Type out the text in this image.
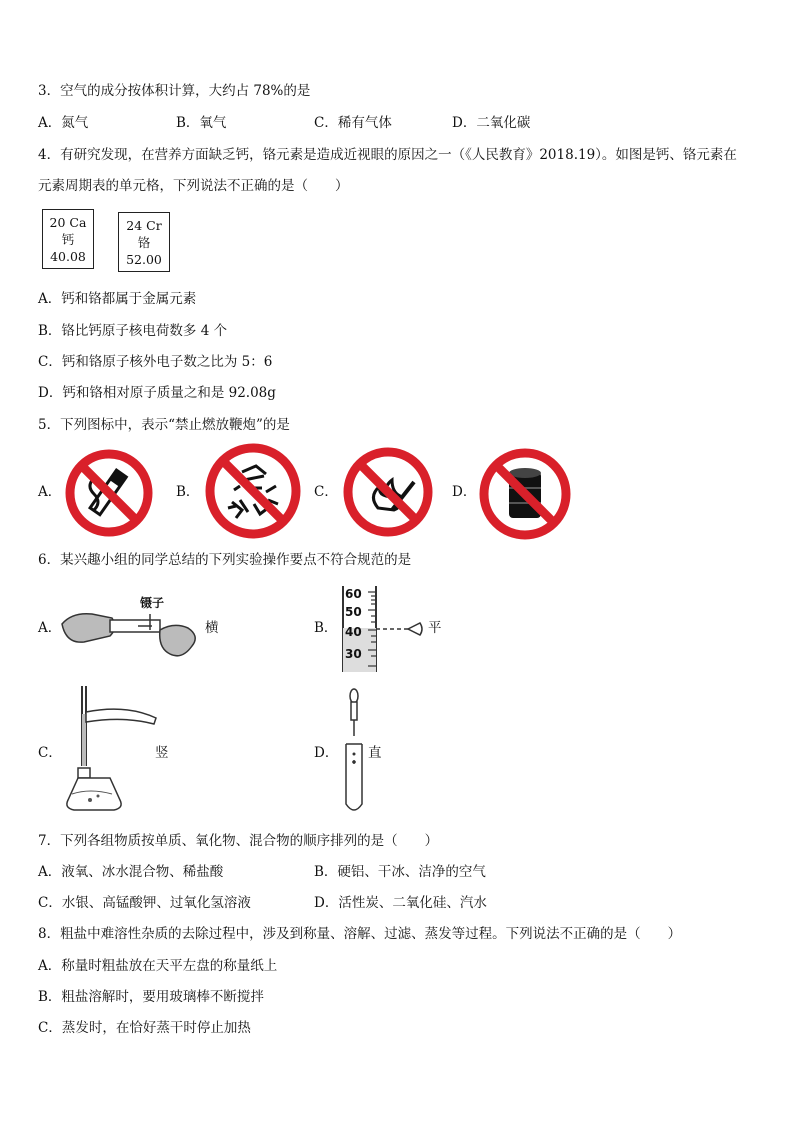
3．空气的成分按体积计算，大约占 78%的是
A．氮气	B．氧气	C．稀有气体	D．二氧化碳
4．有研究发现，在营养方面缺乏钙，铬元素是造成近视眼的原因之一（《人民教育》2018.19）。如图是钙、铬元素在
元素周期表的单元格，下列说法不正确的是（　　）
20 Ca
钙
40.08
24 Cr
铬
52.00
A．钙和铬都属于金属元素
B．铬比钙原子核电荷数多 4 个
C．钙和铬原子核外电子数之比为 5：6
D．钙和铬相对原子质量之和是 92.08g
5．下列图标中，表示“禁止燃放鞭炮”的是
A．	B．	C．	D．
6．某兴趣小组的同学总结的下列实验操作要点不符合规范的是
A．
镊子
横	B．
60
50
40
30
平
C．	竖	D． 直
7．下列各组物质按单质、氧化物、混合物的顺序排列的是（　　）
A．液氧、冰水混合物、稀盐酸	B．硬铝、干冰、洁净的空气
C．水银、高锰酸钾、过氧化氢溶液	D．活性炭、二氧化硅、汽水
8．粗盐中难溶性杂质的去除过程中，涉及到称量、溶解、过滤、蒸发等过程。下列说法不正确的是（　　）
A．称量时粗盐放在天平左盘的称量纸上
B．粗盐溶解时，要用玻璃棒不断搅拌
C．蒸发时，在恰好蒸干时停止加热
